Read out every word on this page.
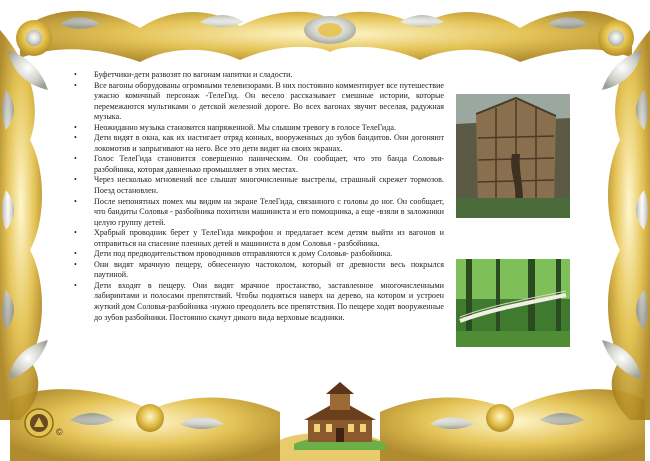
• Буфетчики-дети развозят по вагонам напитки и сладости.
• Все вагоны оборудованы огромными телевизорами. В них постоянно комментирует все путешествие ужасно комичный персонаж -ТелеГид. Он весело рассказывает смешные истории, которые перемежаются мультиками о детской железной дороге. Во всех вагонах звучит веселая, радужная музыка.
• Неожиданно музыка становится напряженной. Мы слышим тревогу в голосе ТелеГида.
• Дети видят в окна, как их настигает отряд конных, вооруженных до зубов бандитов. Они догоняют локомотив и запрыгивают на него. Все это дети видят на своих экранах.
• Голос ТелеГида становится совершенно паническим. Он сообщает, что это банда Соловья-разбойника, которая давненько промышляет в этих местах.
• Через несколько мгновений все слышат многочисленные выстрелы, страшный скрежет тормозов. Поезд остановлен.
• После непонятных помех мы видим на экране ТелеГида, связанного с головы до ног. Он сообщает, что бандиты Соловья - разбойника похитили машиниста и его помощника, а еще -взяли в заложники целую группу детей.
• Храбрый проводник берет у ТелеГида микрофон и предлагает всем детям выйти из вагонов и отправиться на спасение пленных детей и машиниста в дом Соловья - разбойника.
• Дети под предводительством проводников отправляются к дому Соловья- разбойника.
• Они видят мрачную пещеру, обнесенную частоколом, который от древности весь покрылся паутиной.
• Дети входят в пещеру. Они видят мрачное простанство, заставленное многочисленными лабиринтами и полосами препятствий. Чтобы подняться наверх на дерево, на котором и устроен жуткий дом Соловья-разбойника -нужно преодолеть все препятствия. По пещере ходят вооруженные до зубов разбойники. Постоянно скачут дикого вида верховые всадники.
©
